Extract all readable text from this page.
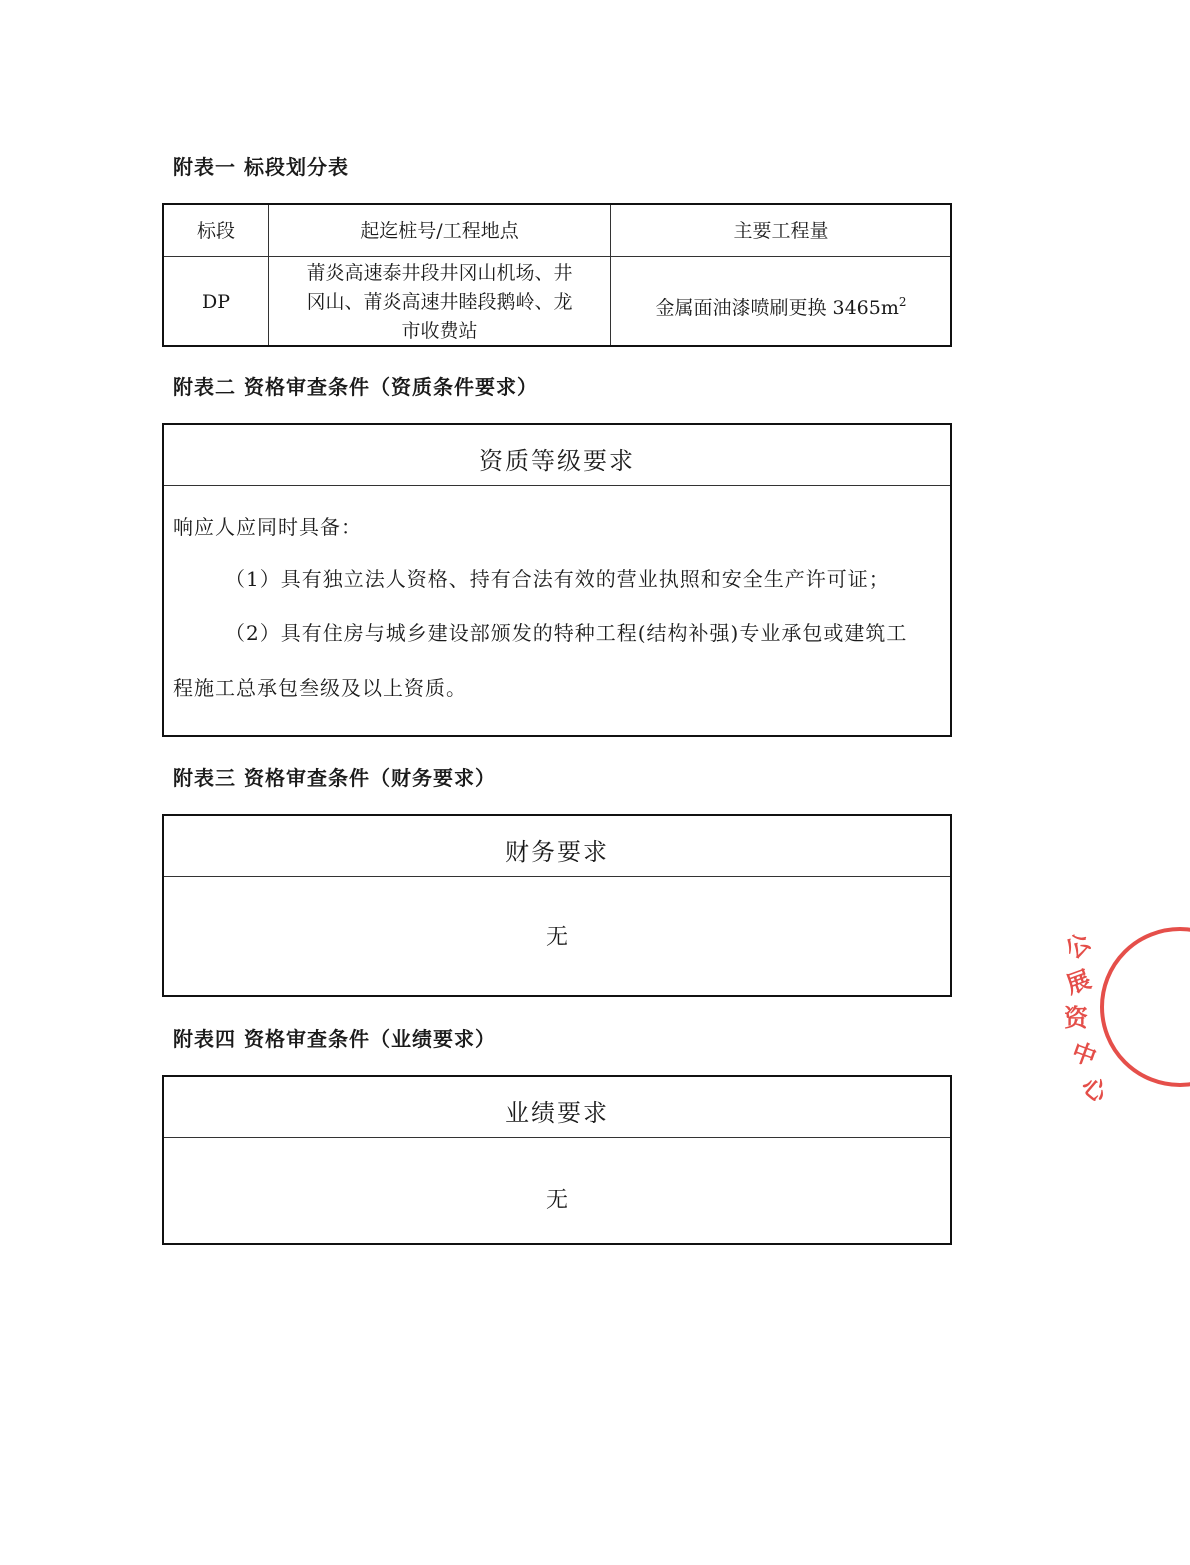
附表一 标段划分表
标段	起迄桩号/工程地点	主要工程量
DP
莆炎高速泰井段井冈山机场、井
冈山、莆炎高速井睦段鹅岭、龙
市收费站
金属面油漆喷刷更换 $3465m^2$
附表二 资格审查条件（资质条件要求）
资质等级要求
响应人应同时具备：
（1）具有独立法人资格、持有合法有效的营业执照和安全生产许可证；
（2）具有住房与城乡建设部颁发的特种工程(结构补强)专业承包或建筑工
程施工总承包叁级及以上资质。
附表三 资格审查条件（财务要求）
财务要求
无
附表四 资格审查条件（业绩要求）
业绩要求
无
公
展
资
中
心
